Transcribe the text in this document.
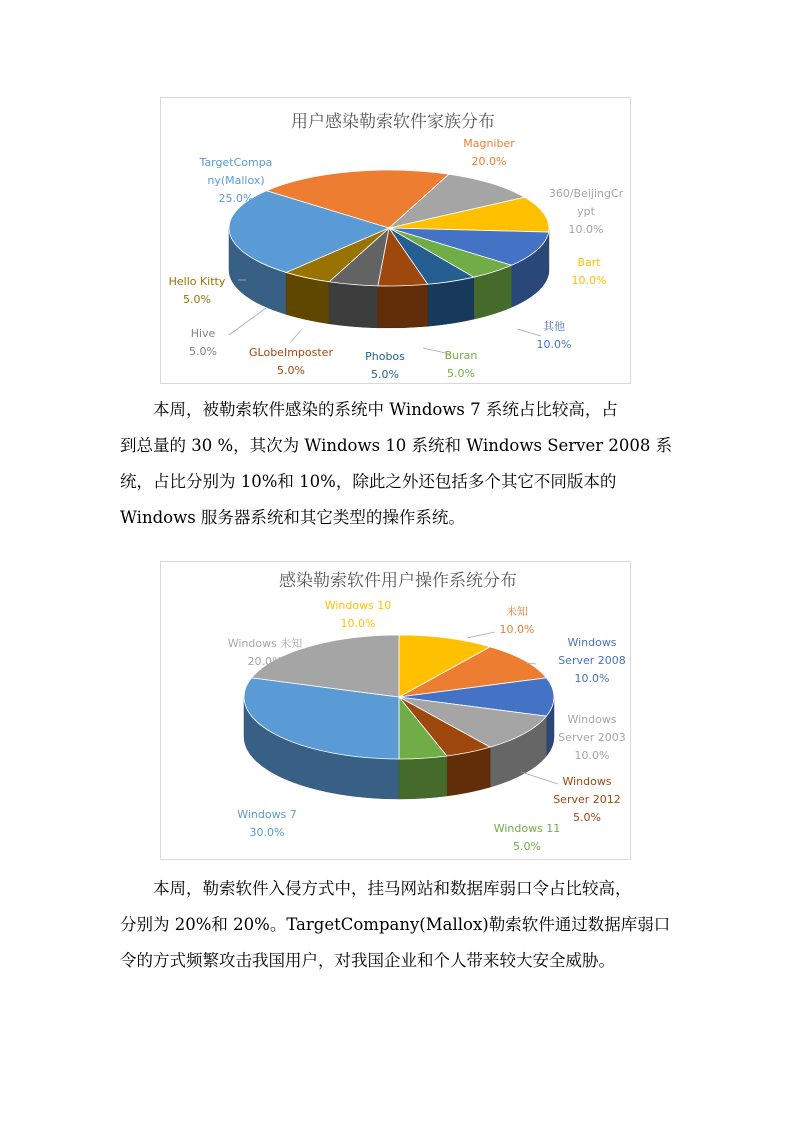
用户感染勒索软件家族分布
Magniber 20.0%
360/BeijingCr ypt 10.0%
Bart 10.0%
其他 10.0%
Buran 5.0%
Phobos 5.0%
GLobeImposter 5.0%
Hive 5.0%
Hello Kitty 5.0%
TargetCompa ny(Mallox) 25.0%

本周，被勒索软件感染的系统中 Windows 7 系统占比较高，占
到总量的 30 %，其次为 Windows 10 系统和 Windows Server 2008 系
统，占比分别为 10%和 10%，除此之外还包括多个其它不同版本的
Windows 服务器系统和其它类型的操作系统。

感染勒索软件用户操作系统分布
Windows 10 10.0%
未知 10.0%
Windows Server 2008 10.0%
Windows Server 2003 10.0%
Windows Server 2012 5.0%
Windows 11 5.0%
Windows 7 30.0%
Windows 未知 20.0%

本周，勒索软件入侵方式中，挂马网站和数据库弱口令占比较高，
分别为 20%和 20%。TargetCompany(Mallox)勒索软件通过数据库弱口
令的方式频繁攻击我国用户，对我国企业和个人带来较大安全威胁。
